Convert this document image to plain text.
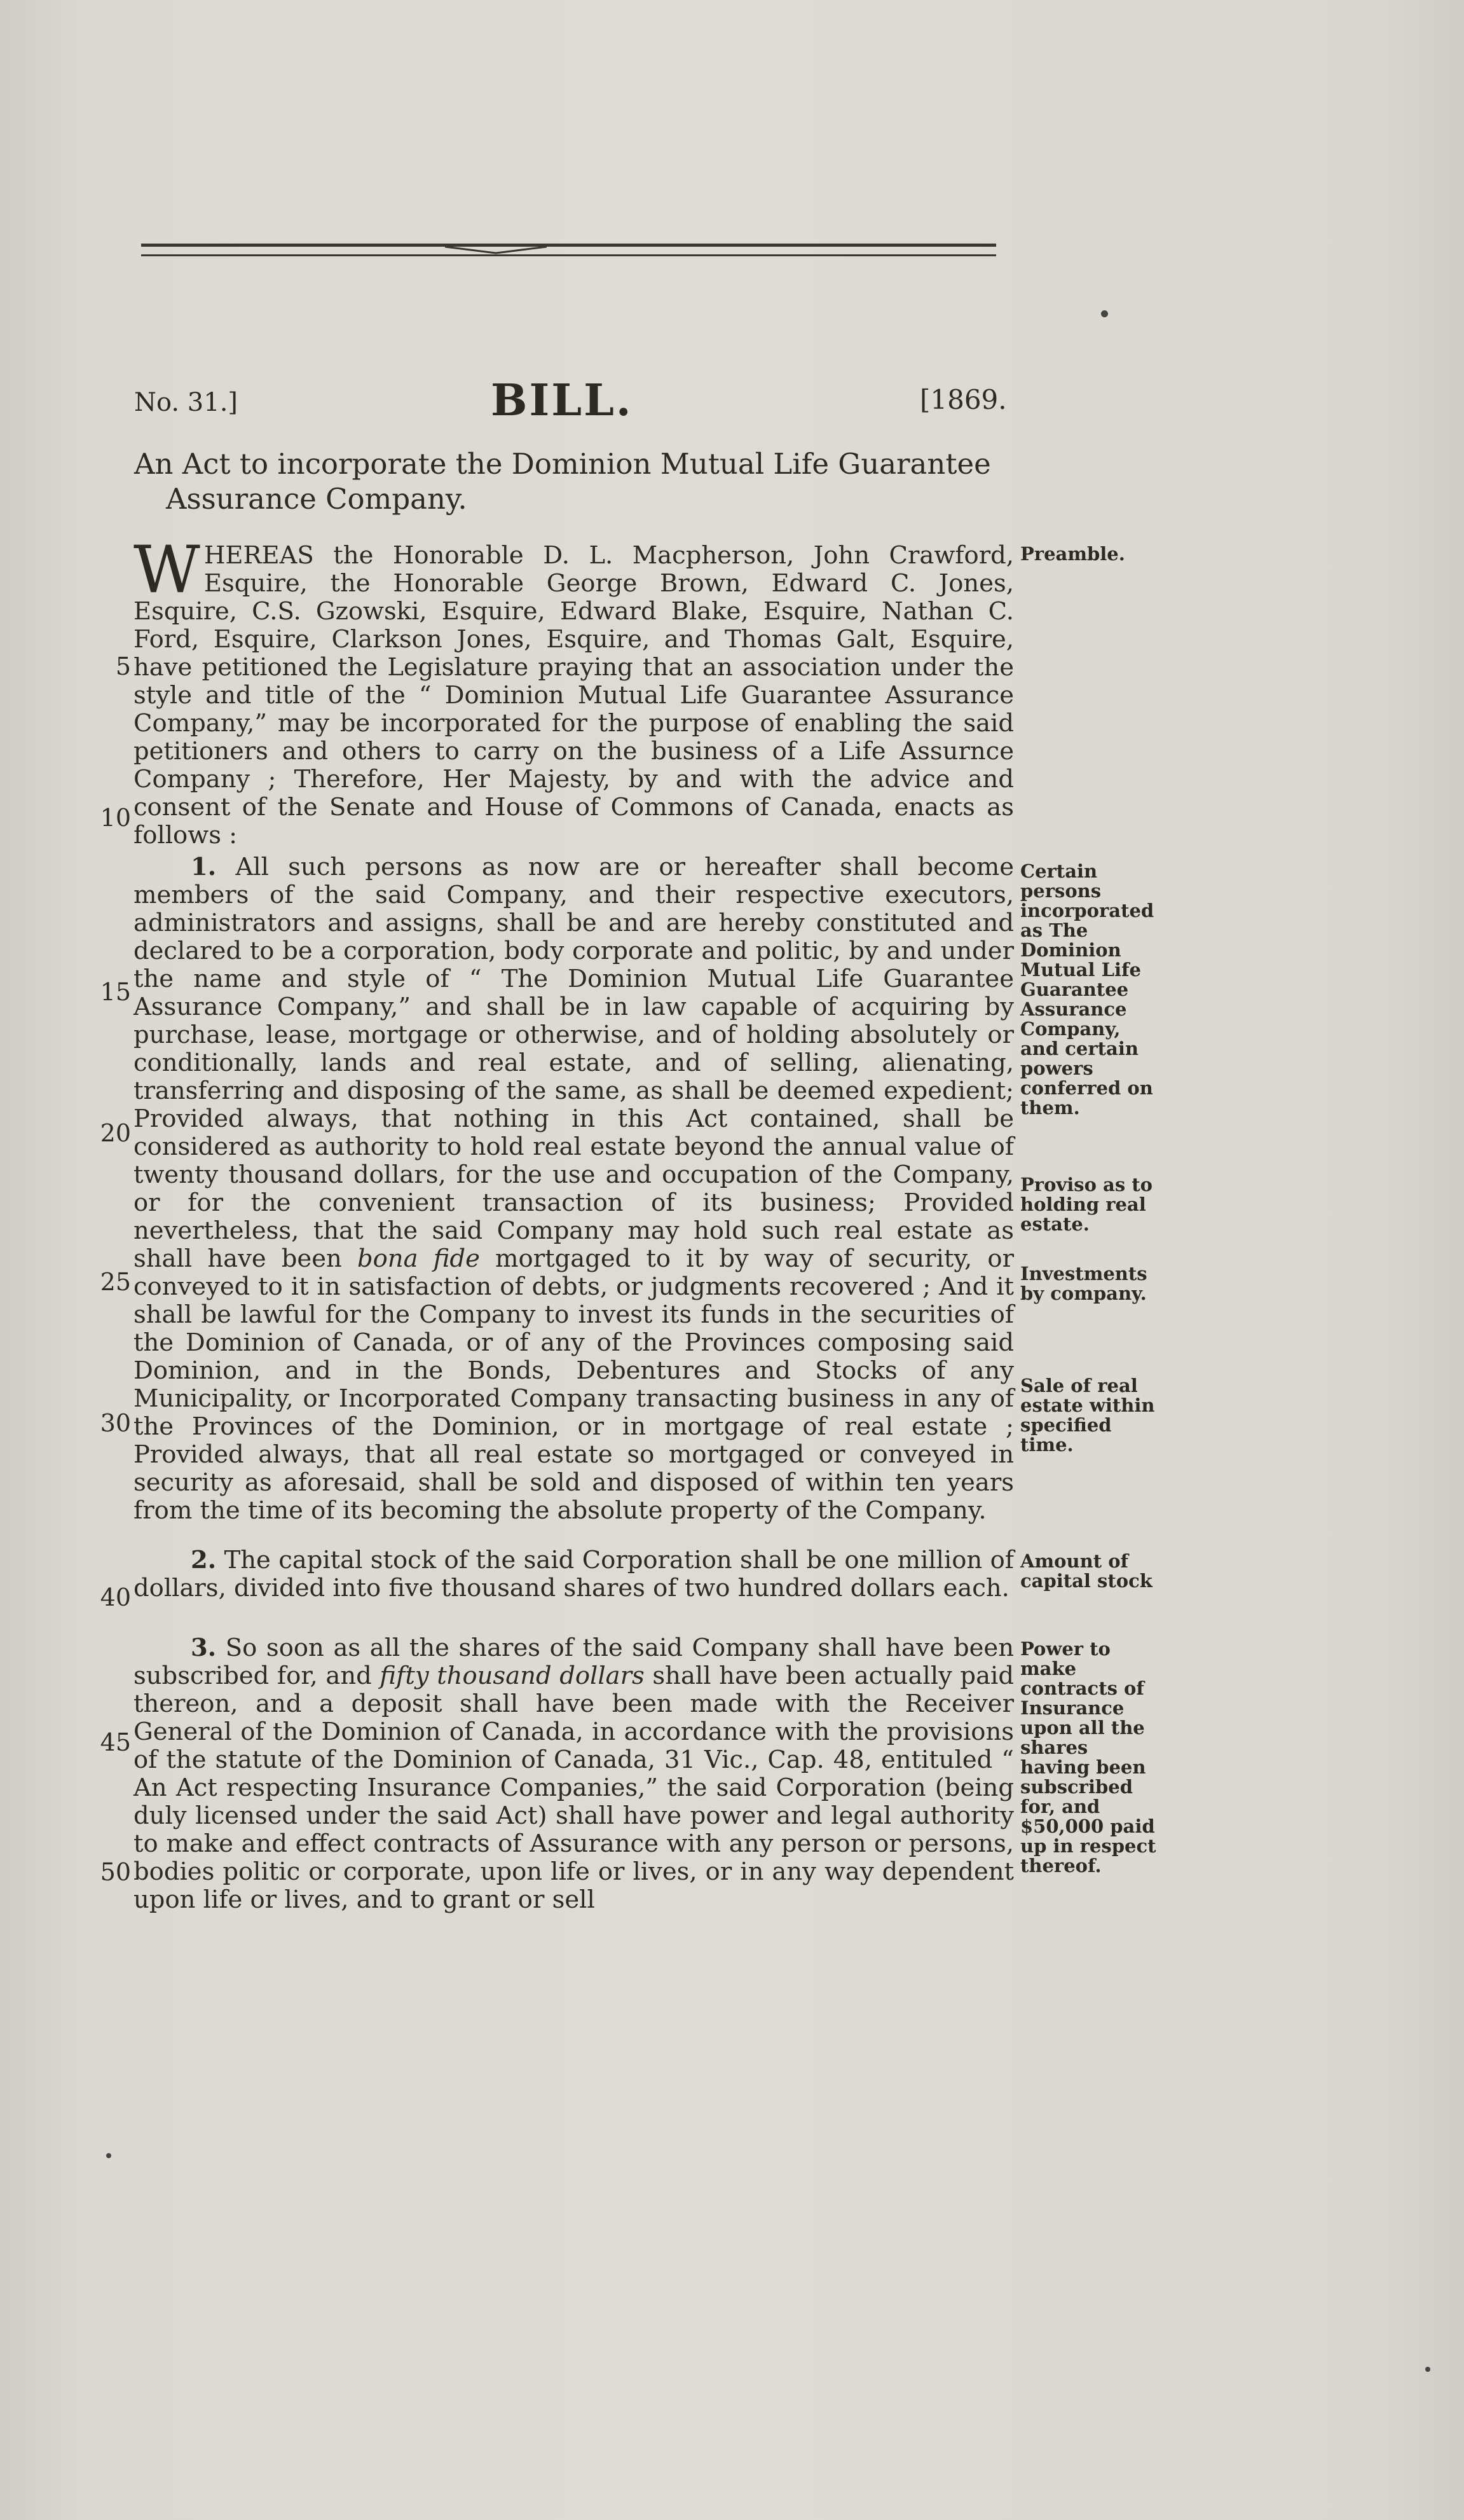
No. 31.]	BILL.	[1869.
An Act to incorporate the Dominion Mutual Life Guarantee
Assurance Company.
WHEREAS the Honorable D. L. Macpherson, John Crawford, Esquire, the Honorable George Brown, Edward C. Jones, Esquire, C.S. Gzowski, Esquire, Edward Blake, Esquire, Nathan C. Ford, Esquire, Clarkson Jones, Esquire, and Thomas Galt, Esquire, have petitioned the Legislature praying that an association under the style and title of the “ Dominion Mutual Life Guarantee Assurance Company,” may be incorporated for the purpose of enabling the said petitioners and others to carry on the business of a Life Assurnce Company ; Therefore, Her Majesty, by and with the advice and consent of the Senate and House of Commons of Canada, enacts as follows :
1. All such persons as now are or hereafter shall become members of the said Company, and their respective executors, administrators and assigns, shall be and are hereby constituted and declared to be a corporation, body corporate and politic, by and under the name and style of “ The Dominion Mutual Life Guarantee Assurance Company,” and shall be in law capable of acquiring by purchase, lease, mortgage or otherwise, and of holding absolutely or conditionally, lands and real estate, and of selling, alienating, transferring and disposing of the same, as shall be deemed expedient; Provided always, that nothing in this Act contained, shall be considered as authority to hold real estate beyond the annual value of twenty thousand dollars, for the use and occupation of the Company, or for the convenient transaction of its business; Provided nevertheless, that the said Company may hold such real estate as shall have been bona fide mortgaged to it by way of security, or conveyed to it in satisfaction of debts, or judgments recovered ; And it shall be lawful for the Company to invest its funds in the securities of the Dominion of Canada, or of any of the Provinces composing said Dominion, and in the Bonds, Debentures and Stocks of any Municipality, or Incorporated Company transacting business in any of the Provinces of the Dominion, or in mortgage of real estate ; Provided always, that all real estate so mortgaged or conveyed in security as aforesaid, shall be sold and disposed of within ten years from the time of its becoming the absolute property of the Company.
2. The capital stock of the said Corporation shall be one million of dollars, divided into five thousand shares of two hundred dollars each.
3. So soon as all the shares of the said Company shall have been subscribed for, and fifty thousand dollars shall have been actually paid thereon, and a deposit shall have been made with the Receiver General of the Dominion of Canada, in accordance with the provisions of the statute of the Dominion of Canada, 31 Vic., Cap. 48, entituled “ An Act respecting Insurance Companies,” the said Corporation (being duly licensed under the said Act) shall have power and legal authority to make and effect contracts of Assurance with any person or persons, bodies politic or corporate, upon life or lives, or in any way dependent upon life or lives, and to grant or sell
5
10
15
20
25
30
40
45
50
Preamble.
Certain persons incorporated as The Dominion Mutual Life Guarantee Assurance Company, and certain powers conferred on them.
Proviso as to holding real estate.
Investments by company.
Sale of real estate within specified time.
Amount of capital stock
Power to make contracts of Insurance upon all the shares having been subscribed for, and $50,000 paid up in respect thereof.
